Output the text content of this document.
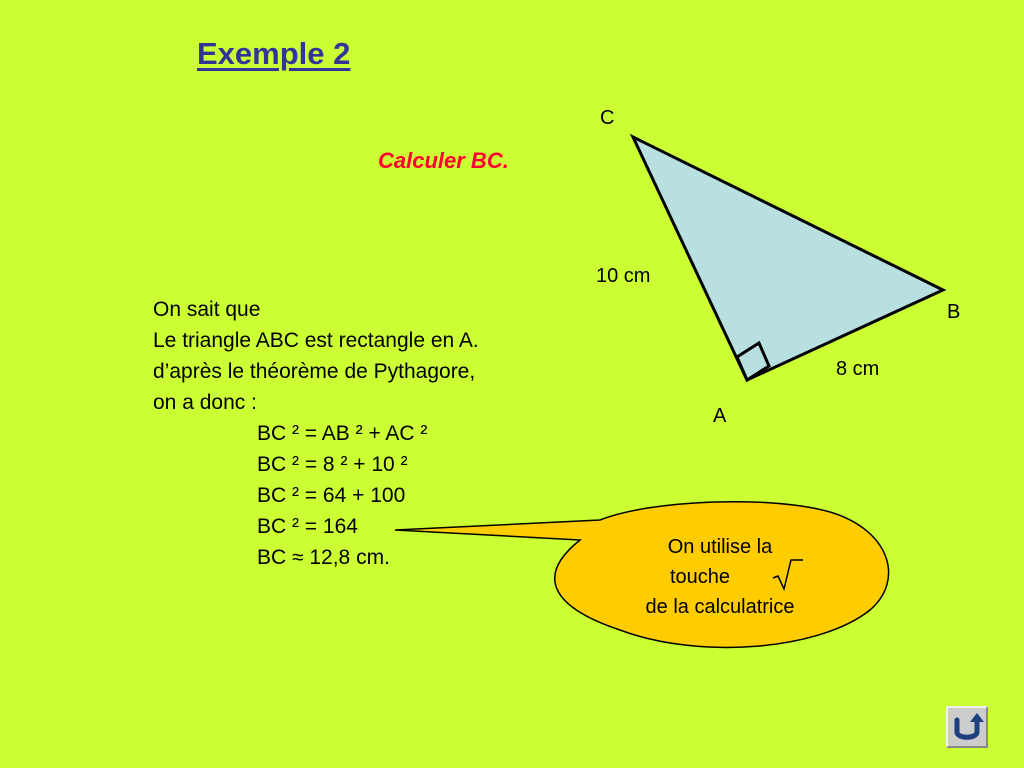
Exemple 2
Calculer BC.
C
B
A
10 cm
8 cm
On sait que
Le triangle ABC est rectangle en A.
d’après le théorème de Pythagore,
on a donc :
BC ² = AB ² + AC ²
BC ² = 8 ² + 10 ²
BC ² = 64 + 100
BC ² = 164
BC ≈ 12,8 cm.	On utilise la
touche
de la calculatrice
